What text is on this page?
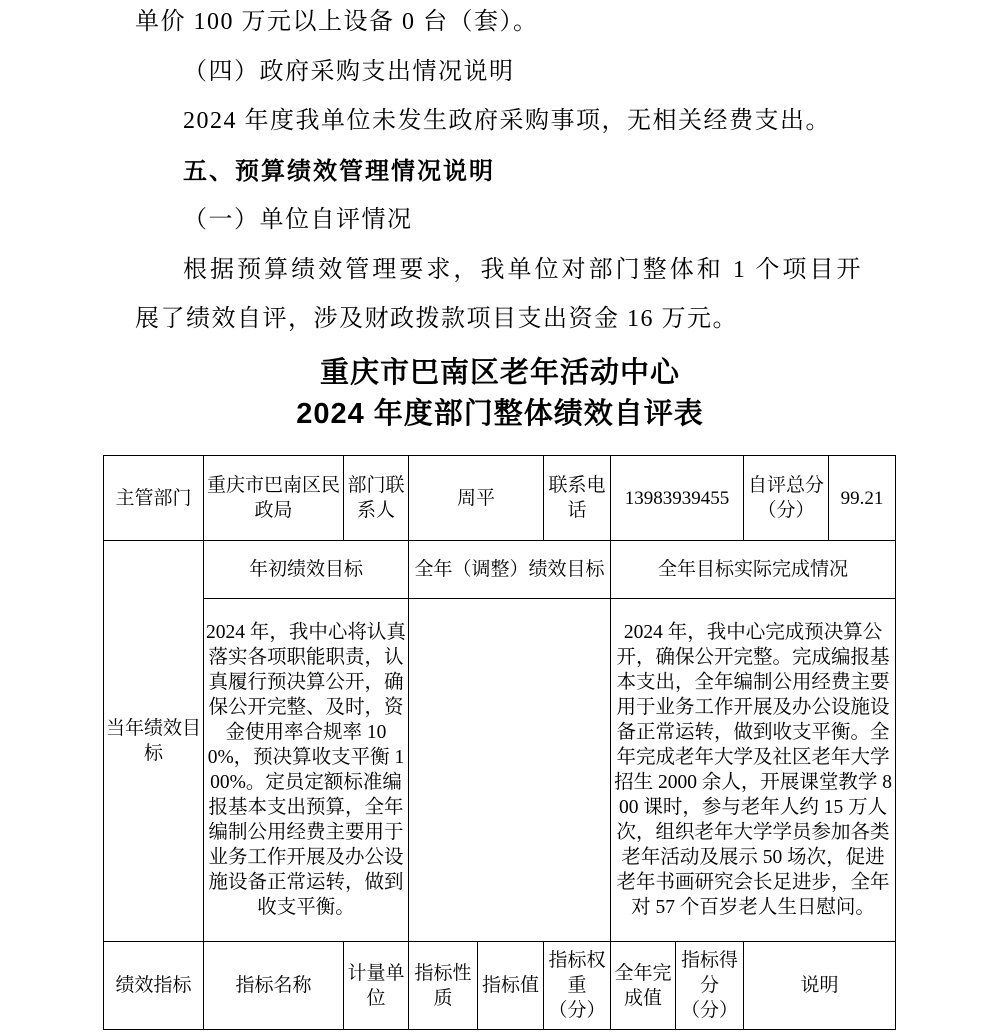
单价 100 万元以上设备 0 台（套）。
（四）政府采购支出情况说明
2024 年度我单位未发生政府采购事项，无相关经费支出。
五、预算绩效管理情况说明
（一）单位自评情况
根据预算绩效管理要求，我单位对部门整体和 1 个项目开
展了绩效自评，涉及财政拨款项目支出资金 16 万元。
重庆市巴南区老年活动中心
2024 年度部门整体绩效自评表
主管部门	重庆市巴南区民政局	部门联系人	周平		联系电话	13983939455		自评总分（分）	99.21
当年绩效目标	年初绩效目标		全年（调整）绩效目标			全年目标实际完成情况			
	2024 年，我中心将认真落实各项职能职责，认真履行预决算公开，确保公开完整、及时，资金使用率合规率 100%，预决算收支平衡 100%。定员定额标准编报基本支出预算，全年编制公用经费主要用于业务工作开展及办公设施设备正常运转，做到收支平衡。					2024 年，我中心完成预决算公开，确保公开完整。完成编报基本支出，全年编制公用经费主要用于业务工作开展及办公设施设备正常运转，做到收支平衡。全年完成老年大学及社区老年大学招生 2000 余人，开展课堂教学 800 课时，参与老年人约 15 万人次，组织老年大学学员参加各类老年活动及展示 50 场次，促进老年书画研究会长足进步，全年对 57 个百岁老人生日慰问。			
绩效指标	指标名称	计量单位	指标性质	指标值	指标权重（分）	全年完成值	指标得分（分）	说明	
